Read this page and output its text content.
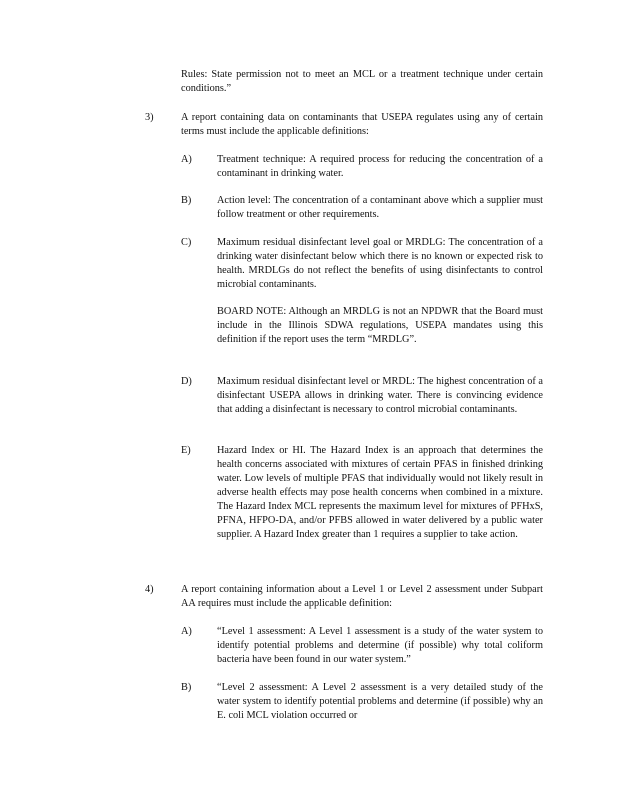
Rules: State permission not to meet an MCL or a treatment technique under certain conditions.”
3)	A report containing data on contaminants that USEPA regulates using any of certain terms must include the applicable definitions:
A) Treatment technique: A required process for reducing the concentration of a contaminant in drinking water.
B) Action level: The concentration of a contaminant above which a supplier must follow treatment or other requirements.
C) Maximum residual disinfectant level goal or MRDLG: The concentration of a drinking water disinfectant below which there is no known or expected risk to health. MRDLGs do not reflect the benefits of using disinfectants to control microbial contaminants.
BOARD NOTE: Although an MRDLG is not an NPDWR that the Board must include in the Illinois SDWA regulations, USEPA mandates using this definition if the report uses the term “MRDLG”.
D) Maximum residual disinfectant level or MRDL: The highest concentration of a disinfectant USEPA allows in drinking water. There is convincing evidence that adding a disinfectant is necessary to control microbial contaminants.
E)	Hazard Index or HI. The Hazard Index is an approach that determines the health concerns associated with mixtures of certain PFAS in finished drinking water. Low levels of multiple PFAS that individually would not likely result in adverse health effects may pose health concerns when combined in a mixture. The Hazard Index MCL represents the maximum level for mixtures of PFHxS, PFNA, HFPO-DA, and/or PFBS allowed in water delivered by a public water supplier. A Hazard Index greater than 1 requires a supplier to take action.
4)	A report containing information about a Level 1 or Level 2 assessment under Subpart AA requires must include the applicable definition:
A) “Level 1 assessment: A Level 1 assessment is a study of the water system to identify potential problems and determine (if possible) why total coliform bacteria have been found in our water system.”
B) “Level 2 assessment: A Level 2 assessment is a very detailed study of the water system to identify potential problems and determine (if possible) why an E. coli MCL violation occurred or
